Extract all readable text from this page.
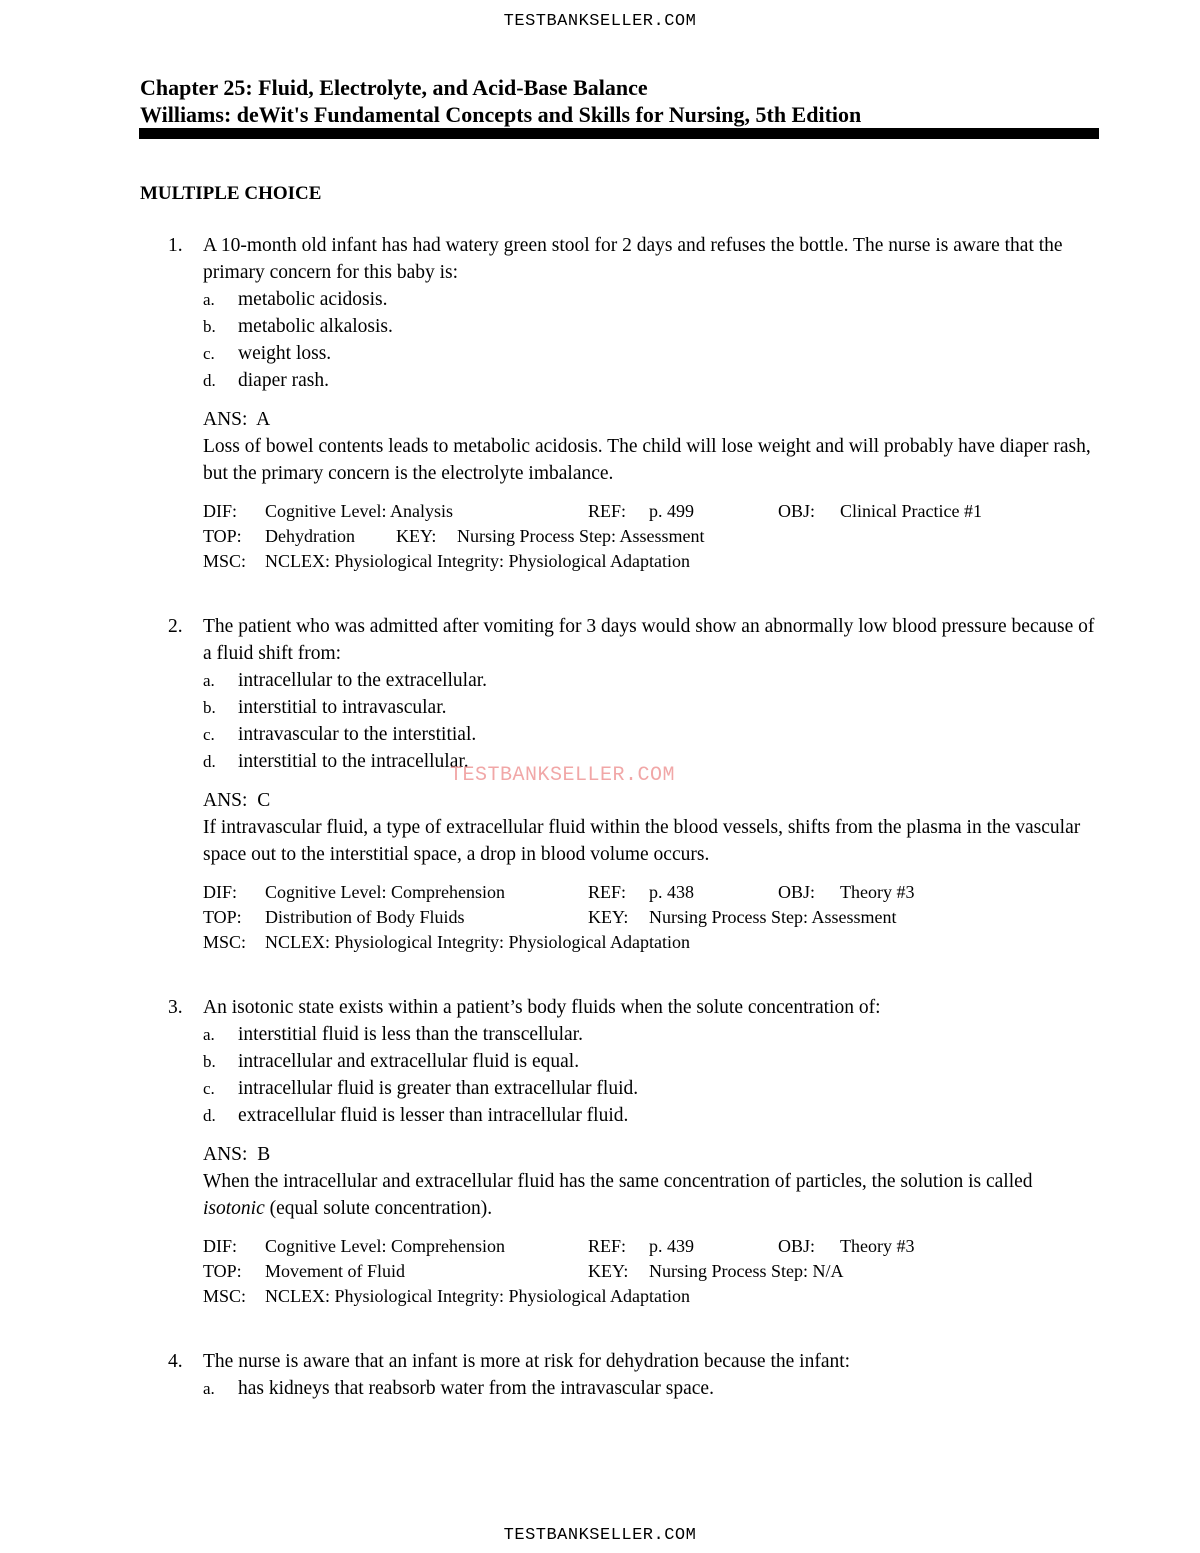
TESTBANKSELLER.COM
Chapter 25: Fluid, Electrolyte, and Acid-Base Balance
Williams: deWit's Fundamental Concepts and Skills for Nursing, 5th Edition
MULTIPLE CHOICE
1. A 10-month old infant has had watery green stool for 2 days and refuses the bottle. The nurse is aware that the primary concern for this baby is:
a. metabolic acidosis.
b. metabolic alkalosis.
c. weight loss.
d. diaper rash.
ANS: A
Loss of bowel contents leads to metabolic acidosis. The child will lose weight and will probably have diaper rash, but the primary concern is the electrolyte imbalance.
DIF: Cognitive Level: Analysis	REF: p. 499	OBJ: Clinical Practice #1
TOP: Dehydration KEY: Nursing Process Step: Assessment
MSC: NCLEX: Physiological Integrity: Physiological Adaptation
2. The patient who was admitted after vomiting for 3 days would show an abnormally low blood pressure because of a fluid shift from:
a. intracellular to the extracellular.
b. interstitial to intravascular.
c. intravascular to the interstitial.
d. interstitial to the intracellular.
ANS: C
If intravascular fluid, a type of extracellular fluid within the blood vessels, shifts from the plasma in the vascular space out to the interstitial space, a drop in blood volume occurs.
DIF: Cognitive Level: Comprehension	REF: p. 438	OBJ: Theory #3
TOP: Distribution of Body Fluids	KEY: Nursing Process Step: Assessment
MSC: NCLEX: Physiological Integrity: Physiological Adaptation
TESTBANKSELLER.COM
3. An isotonic state exists within a patient’s body fluids when the solute concentration of:
a. interstitial fluid is less than the transcellular.
b. intracellular and extracellular fluid is equal.
c. intracellular fluid is greater than extracellular fluid.
d. extracellular fluid is lesser than intracellular fluid.
ANS: B
When the intracellular and extracellular fluid has the same concentration of particles, the solution is called isotonic (equal solute concentration).
DIF: Cognitive Level: Comprehension	REF: p. 439	OBJ: Theory #3
TOP: Movement of Fluid	KEY: Nursing Process Step: N/A
MSC: NCLEX: Physiological Integrity: Physiological Adaptation
4. The nurse is aware that an infant is more at risk for dehydration because the infant:
a. has kidneys that reabsorb water from the intravascular space.
TESTBANKSELLER.COM
